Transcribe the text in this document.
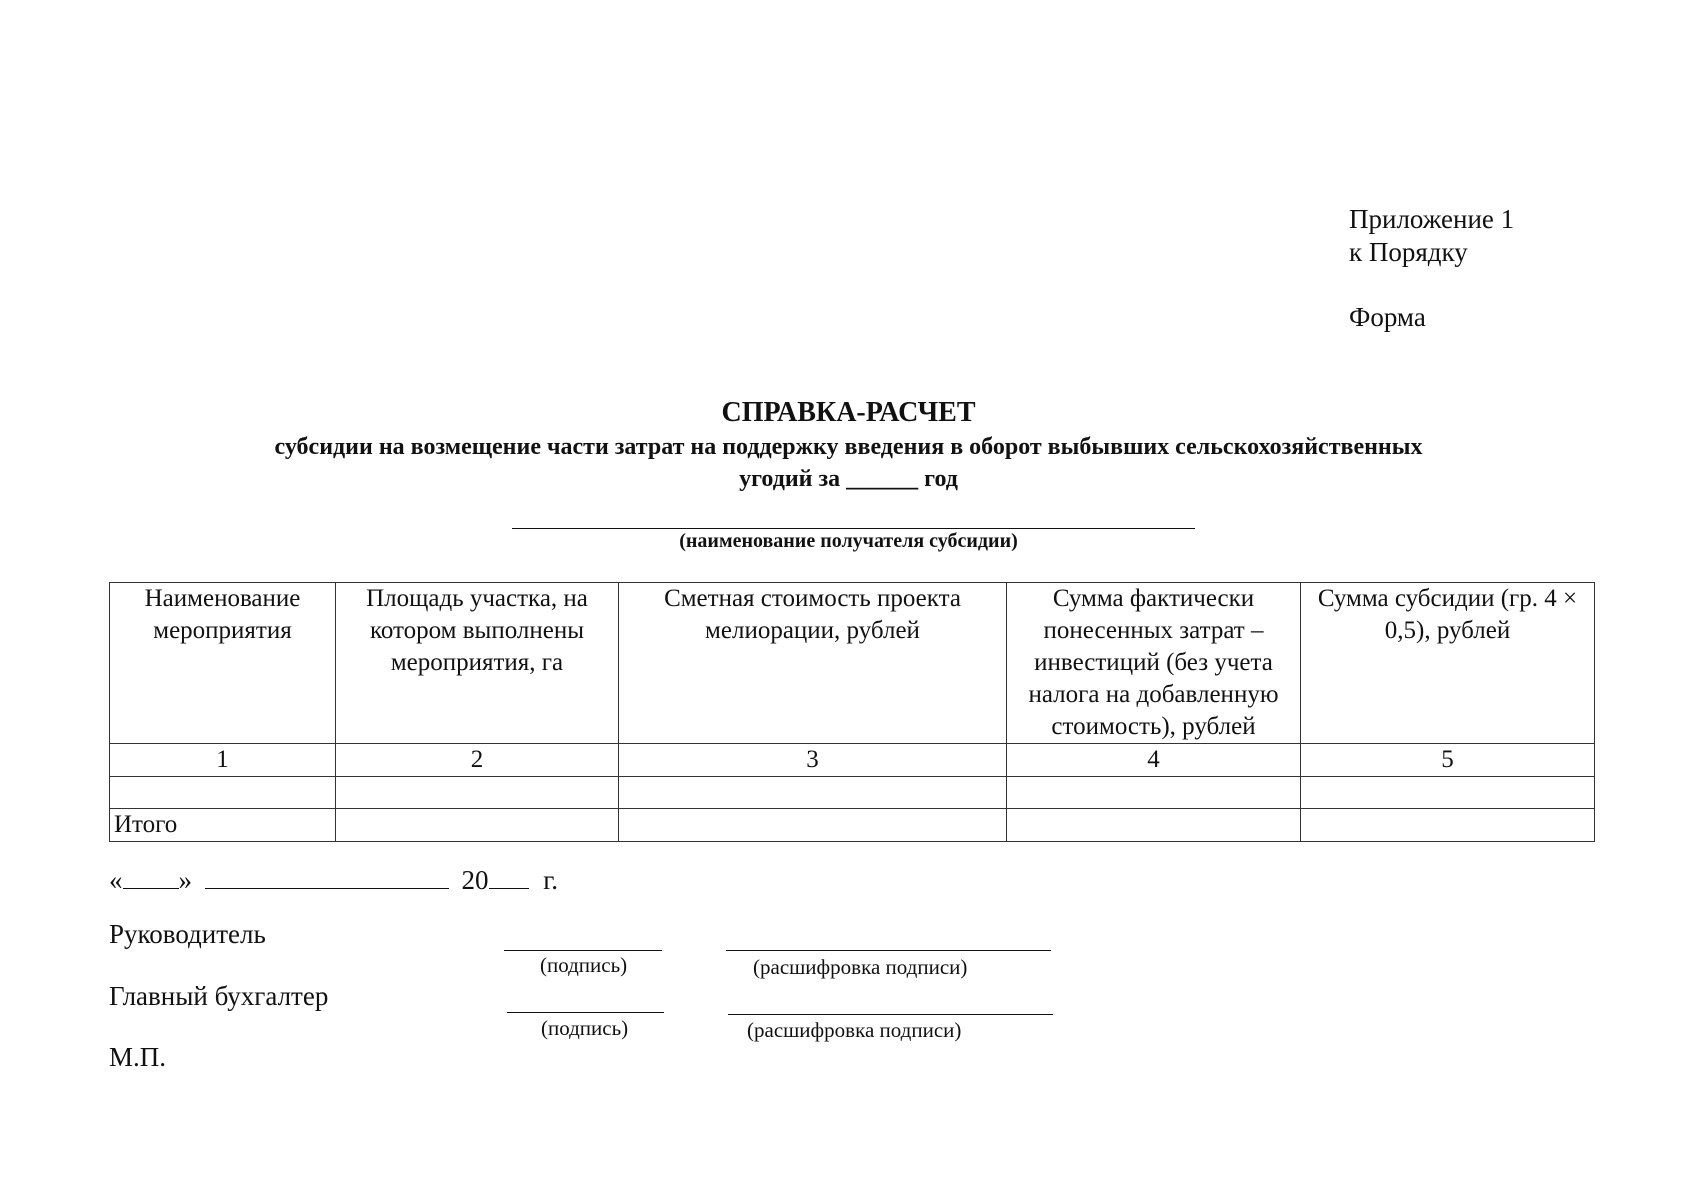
Приложение 1
к Порядку
Форма
СПРАВКА-РАСЧЕТ
субсидии на возмещение части затрат на поддержку введения в оборот выбывших сельскохозяйственных
угодий за ______ год
(наименование получателя субсидии)
Наименование мероприятия	Площадь участка, на котором выполнены мероприятия, га	Сметная стоимость проекта мелиорации, рублей	Сумма фактически понесенных затрат – инвестиций (без учета налога на добавленную стоимость), рублей	Сумма субсидии (гр. 4 × 0,5), рублей
1	2	3	4	5

Итого				
« »	20 г.
Руководитель
(подпись)	(расшифровка подписи)
Главный бухгалтер
(подпись)	(расшифровка подписи)
М.П.
